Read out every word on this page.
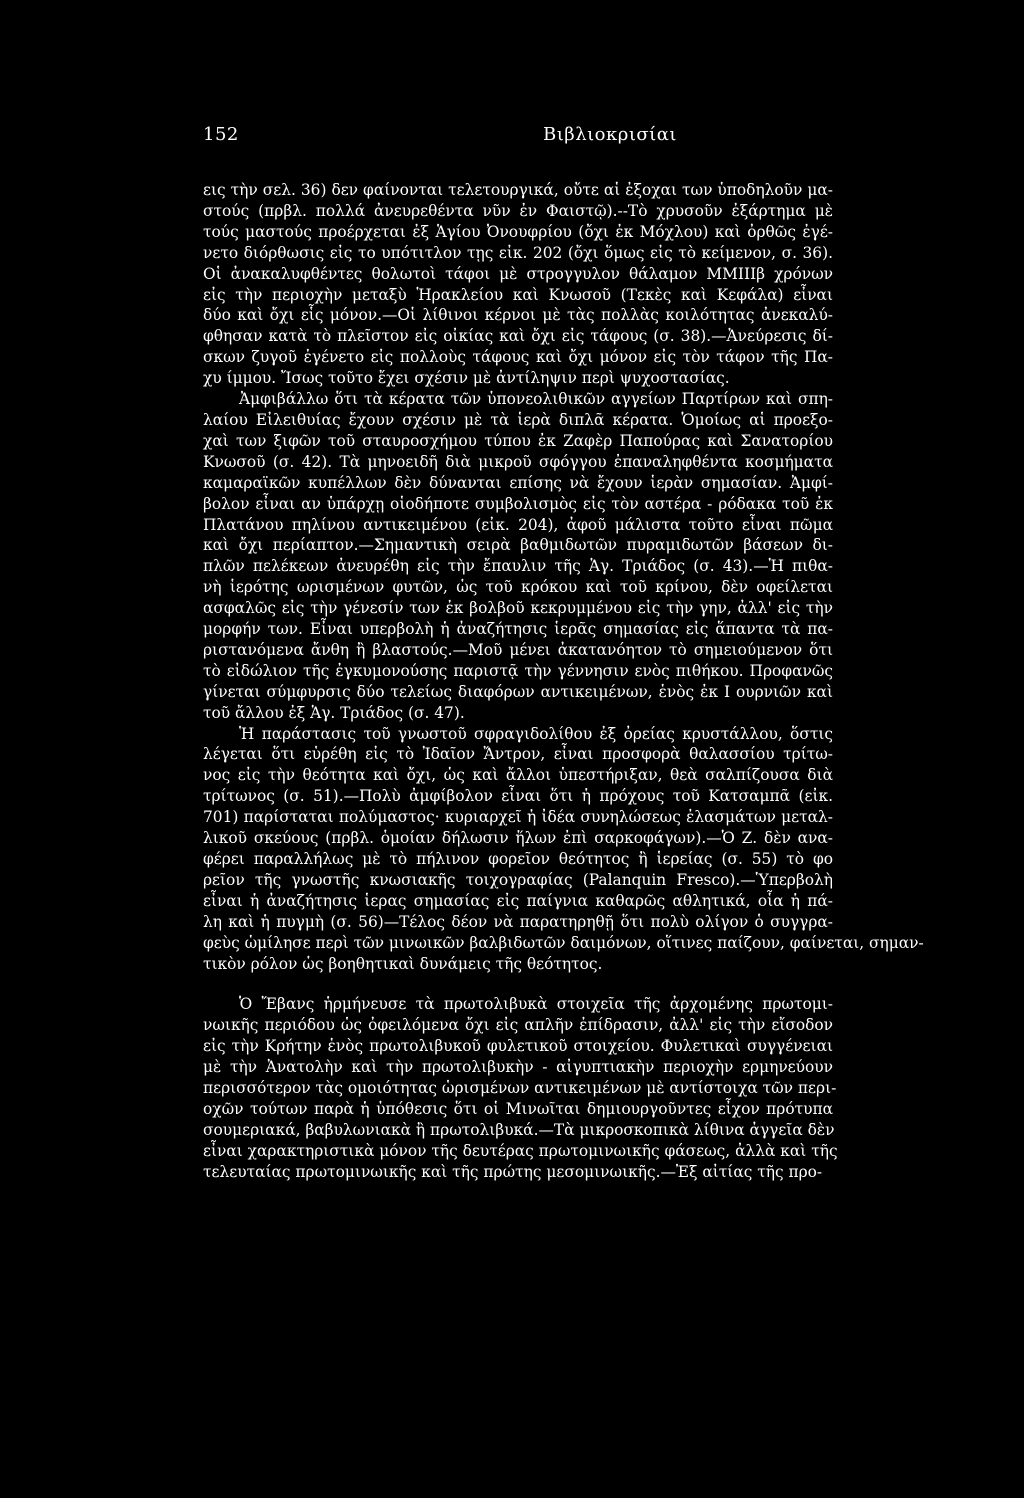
152	Βιβλιοκρισίαι
εις τὴν σελ. 36) δεν φαίνονται τελετουργικά, οὔτε αἱ ἐξοχαι των ὑποδηλοῦν μα-
στούς (πρβλ. πολλά ἀνευρεθέντα νῦν ἐν Φαιστῷ).--Τὸ χρυσοῦν ἐξάρτημα μὲ
τούς μαστούς προέρχεται ἐξ Ἁγίου Ὀνουφρίου (ὄχι ἐκ Μόχλου) καὶ ὀρθῶς ἐγέ-
νετο διόρθωσις εἰς το υπότιτλον τῃς εἰκ. 202 (ὄχι ὅμως εἰς τὸ κείμενον, σ. 36).
Οἱ ἀνακαλυφθέντες θολωτοὶ τάφοι μὲ στρογγυλον θάλαμον ΜΜΙΙΙβ χρόνων
εἰς τὴν περιοχὴν μεταξὺ Ἡρακλείου καὶ Κνωσοῦ (Τεκὲς καὶ Κεφάλα) εἶναι
δύο καὶ ὄχι εἷς μόνον.—Οἱ λίθινοι κέρνοι μὲ τὰς πολλὰς κοιλότητας ἀνεκαλύ-
φθησαν κατὰ τὸ πλεῖστον εἰς οἰκίας καὶ ὄχι εἰς τάφους (σ. 38).—Ἀνεύρεσις δί-
σκων ζυγοῦ ἐγένετο εἰς πολλοὺς τάφους καὶ ὄχι μόνον εἰς τὸν τάφον τῆς Πα-
χυ ίμμου. Ἴσως τοῦτο ἔχει σχέσιν μὲ ἀντίληψιν περὶ ψυχοστασίας.
Ἀμφιβάλλω ὅτι τὰ κέρατα τῶν ὑπονεολιθικῶν αγγείων Παρτίρων καὶ σπη-
λαίου Εἰλειθυίας ἔχουν σχέσιν μὲ τὰ ἱερὰ διπλᾶ κέρατα. Ὁμοίως αἱ προεξο-
χαὶ των ξιφῶν τοῦ σταυροσχήμου τύπου ἐκ Ζαφὲρ Παπούρας καὶ Σανατορίου
Κνωσοῦ (σ. 42). Τὰ μηνοειδῆ διὰ μικροῦ σφόγγου ἐπαναληφθέντα κοσμήματα
καμαραϊκῶν κυπέλλων δὲν δύνανται επίσης νὰ ἔχουν ἱερὰν σημασίαν. Ἀμφί-
βολον εἶναι αν ὑπάρχῃ οἱοδήποτε συμβολισμὸς εἰς τὸν αστέρα - ρόδακα τοῦ ἐκ
Πλατάνου πηλίνου αντικειμένου (εἰκ. 204), ἀφοῦ μάλιστα τοῦτο εἶναι πῶμα
καὶ ὄχι περίαπτον.—Σημαντικὴ σειρὰ βαθμιδωτῶν πυραμιδωτῶν βάσεων δι-
πλῶν πελέκεων ἀνευρέθη εἰς τὴν ἔπαυλιν τῆς Ἁγ. Τριάδος (σ. 43).—Ἡ πιθα-
νὴ ἱερότης ωρισμένων φυτῶν, ὡς τοῦ κρόκου καὶ τοῦ κρίνου, δὲν οφείλεται
ασφαλῶς εἰς τὴν γένεσίν των ἐκ βολβοῦ κεκρυμμένου εἰς τὴν γην, ἀλλ' εἰς τὴν
μορφήν των. Εἶναι υπερβολὴ ἡ ἀναζήτησις ἱερᾶς σημασίας εἰς ἅπαντα τὰ πα-
ριστανόμενα ἄνθη ἢ βλαστούς.—Μοῦ μένει ἀκατανόητον τὸ σημειούμενον ὅτι
τὸ εἰδώλιον τῆς ἐγκυμονούσης παριστᾷ τὴν γέννησιν ενὸς πιθήκου. Προφανῶς
γίνεται σύμφυρσις δύο τελείως διαφόρων αντικειμένων, ἑνὸς ἐκ Ι ουρνιῶν καὶ
τοῦ ἄλλου ἐξ Ἁγ. Τριάδος (σ. 47).
Ἡ παράστασις τοῦ γνωστοῦ σφραγιδολίθου ἐξ ὀρείας κρυστάλλου, ὅστις
λέγεται ὅτι εὑρέθη εἰς τὸ Ἰδαῖον Ἄντρον, εἶναι προσφορὰ θαλασσίου τρίτω-
νος εἰς τὴν θεότητα καὶ ὄχι, ὡς καὶ ἄλλοι ὑπεστήριξαν, θεὰ σαλπίζουσα διὰ
τρίτωνος (σ. 51).—Πολὺ ἀμφίβολον εἶναι ὅτι ἡ πρόχους τοῦ Κατσαμπᾶ (εἰκ.
701) παρίσταται πολύμαστος· κυριαρχεῖ ἡ ἰδέα συνηλώσεως ἐλασμάτων μεταλ-
λικοῦ σκεύους (πρβλ. ὁμοίαν δήλωσιν ἥλων ἐπὶ σαρκοφάγων).—Ὁ Ζ. δὲν ανα-
φέρει παραλλήλως μὲ τὸ πήλινον φορεῖον θεότητος ἢ ἱερείας (σ. 55) τὸ φο
ρεῖον τῆς γνωστῆς κνωσιακῆς τοιχογραφίας (Palanquin Fresco).—Ὑπερβολὴ
εἶναι ἡ ἀναζήτησις ἱερας σημασίας εἰς παίγνια καθαρῶς αθλητικά, οἷα ἡ πά-
λη καὶ ἡ πυγμὴ (σ. 56)—Τέλος δέον νὰ παρατηρηθῇ ὅτι πολὺ ολίγον ὁ συγγρα-
φεὺς ὡμίλησε περὶ τῶν μινωικῶν βαλβιδωτῶν δαιμόνων, οἵτινες παίζουν, φαίνεται, σημαν-
τικὸν ρόλον ὡς βοηθητικαὶ δυνάμεις τῆς θεότητος.
Ὁ Ἔβανς ἡρμήνευσε τὰ πρωτολιβυκὰ στοιχεῖα τῆς ἀρχομένης πρωτομι-
νωικῆς περιόδου ὡς ὀφειλόμενα ὄχι εἰς απλῆν ἐπίδρασιν, ἀλλ' εἰς τὴν εἴσοδον
εἰς τὴν Κρήτην ἑνὸς πρωτολιβυκοῦ φυλετικοῦ στοιχείου. Φυλετικαὶ συγγένειαι
μὲ τὴν Ἀνατολὴν καὶ τὴν πρωτολιβυκὴν - αἰγυπτιακὴν περιοχὴν ερμηνεύουν
περισσότερον τὰς ομοιότητας ὡρισμένων αντικειμένων μὲ αντίστοιχα τῶν περι-
οχῶν τούτων παρὰ ἡ ὑπόθεσις ὅτι οἱ Μινωῖται δημιουργοῦντες εἶχον πρότυπα
σουμεριακά, βαβυλωνιακὰ ἢ πρωτολιβυκά.—Τὰ μικροσκοπικὰ λίθινα ἀγγεῖα δὲν
εἶναι χαρακτηριστικὰ μόνον τῆς δευτέρας πρωτομινωικῆς φάσεως, ἀλλὰ καὶ τῆς
τελευταίας πρωτομινωικῆς καὶ τῆς πρώτης μεσομινωικῆς.—Ἐξ αἰτίας τῆς προ-
